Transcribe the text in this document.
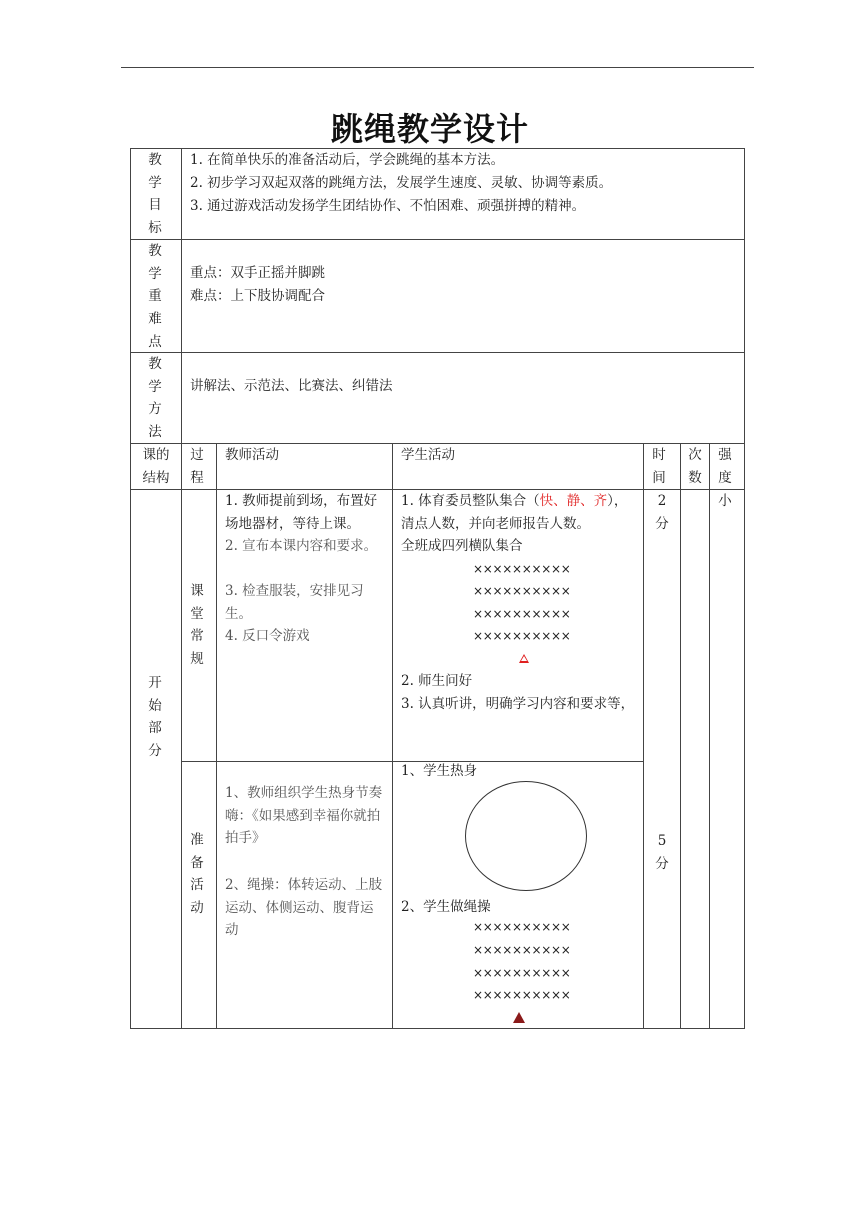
跳绳教学设计
教学目标
1. 在简单快乐的准备活动后，学会跳绳的基本方法。
2. 初步学习双起双落的跳绳方法，发展学生速度、灵敏、协调等素质。
3. 通过游戏活动发扬学生团结协作、不怕困难、顽强拼搏的精神。
教学重难点
重点：双手正摇并脚跳
难点：上下肢协调配合
教学方法
讲解法、示范法、比赛法、纠错法
课的结构
过程
教师活动	学生活动	时间
次数
强度
开始部分
课堂常规
1. 教师提前到场，布置好场地器材，等待上课。
2. 宣布本课内容和要求。
3. 检查服装，安排见习生。
4. 反口令游戏
1. 体育委员整队集合（快、静、齐），
清点人数，并向老师报告人数。
全班成四列横队集合
××××××××××
××××××××××
××××××××××
××××××××××
2. 师生问好
3. 认真听讲，明确学习内容和要求等，
2分
小
准备活动
1、教师组织学生热身节奏嗨：《如果感到幸福你就拍拍手》
2、绳操：体转运动、上肢运动、体侧运动、腹背运动
1、学生热身
2、学生做绳操
××××××××××
××××××××××
××××××××××
××××××××××
5分
